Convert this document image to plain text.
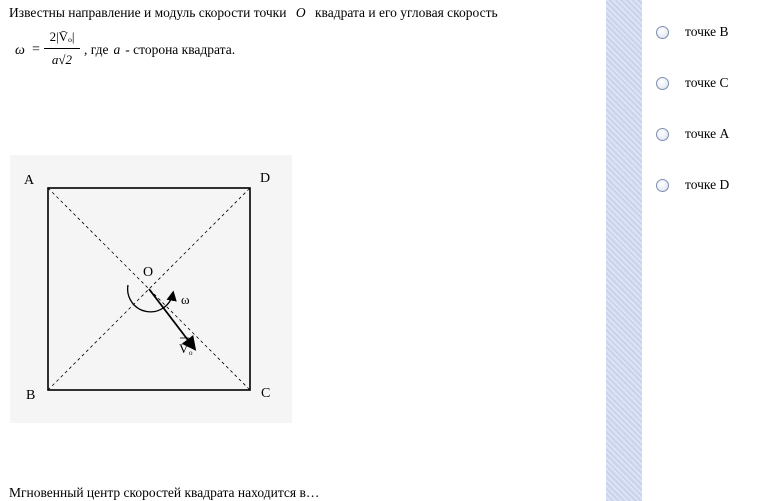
Известны направление и модуль скорости точки O квадрата и его угловая скорость
ω =
2|V̄ₒ|
a√2
, где a - сторона квадрата.
A	D
B	C
O
ω
V o
Мгновенный центр скоростей квадрата находится в…
точке B
точке C
точке A
точке D
